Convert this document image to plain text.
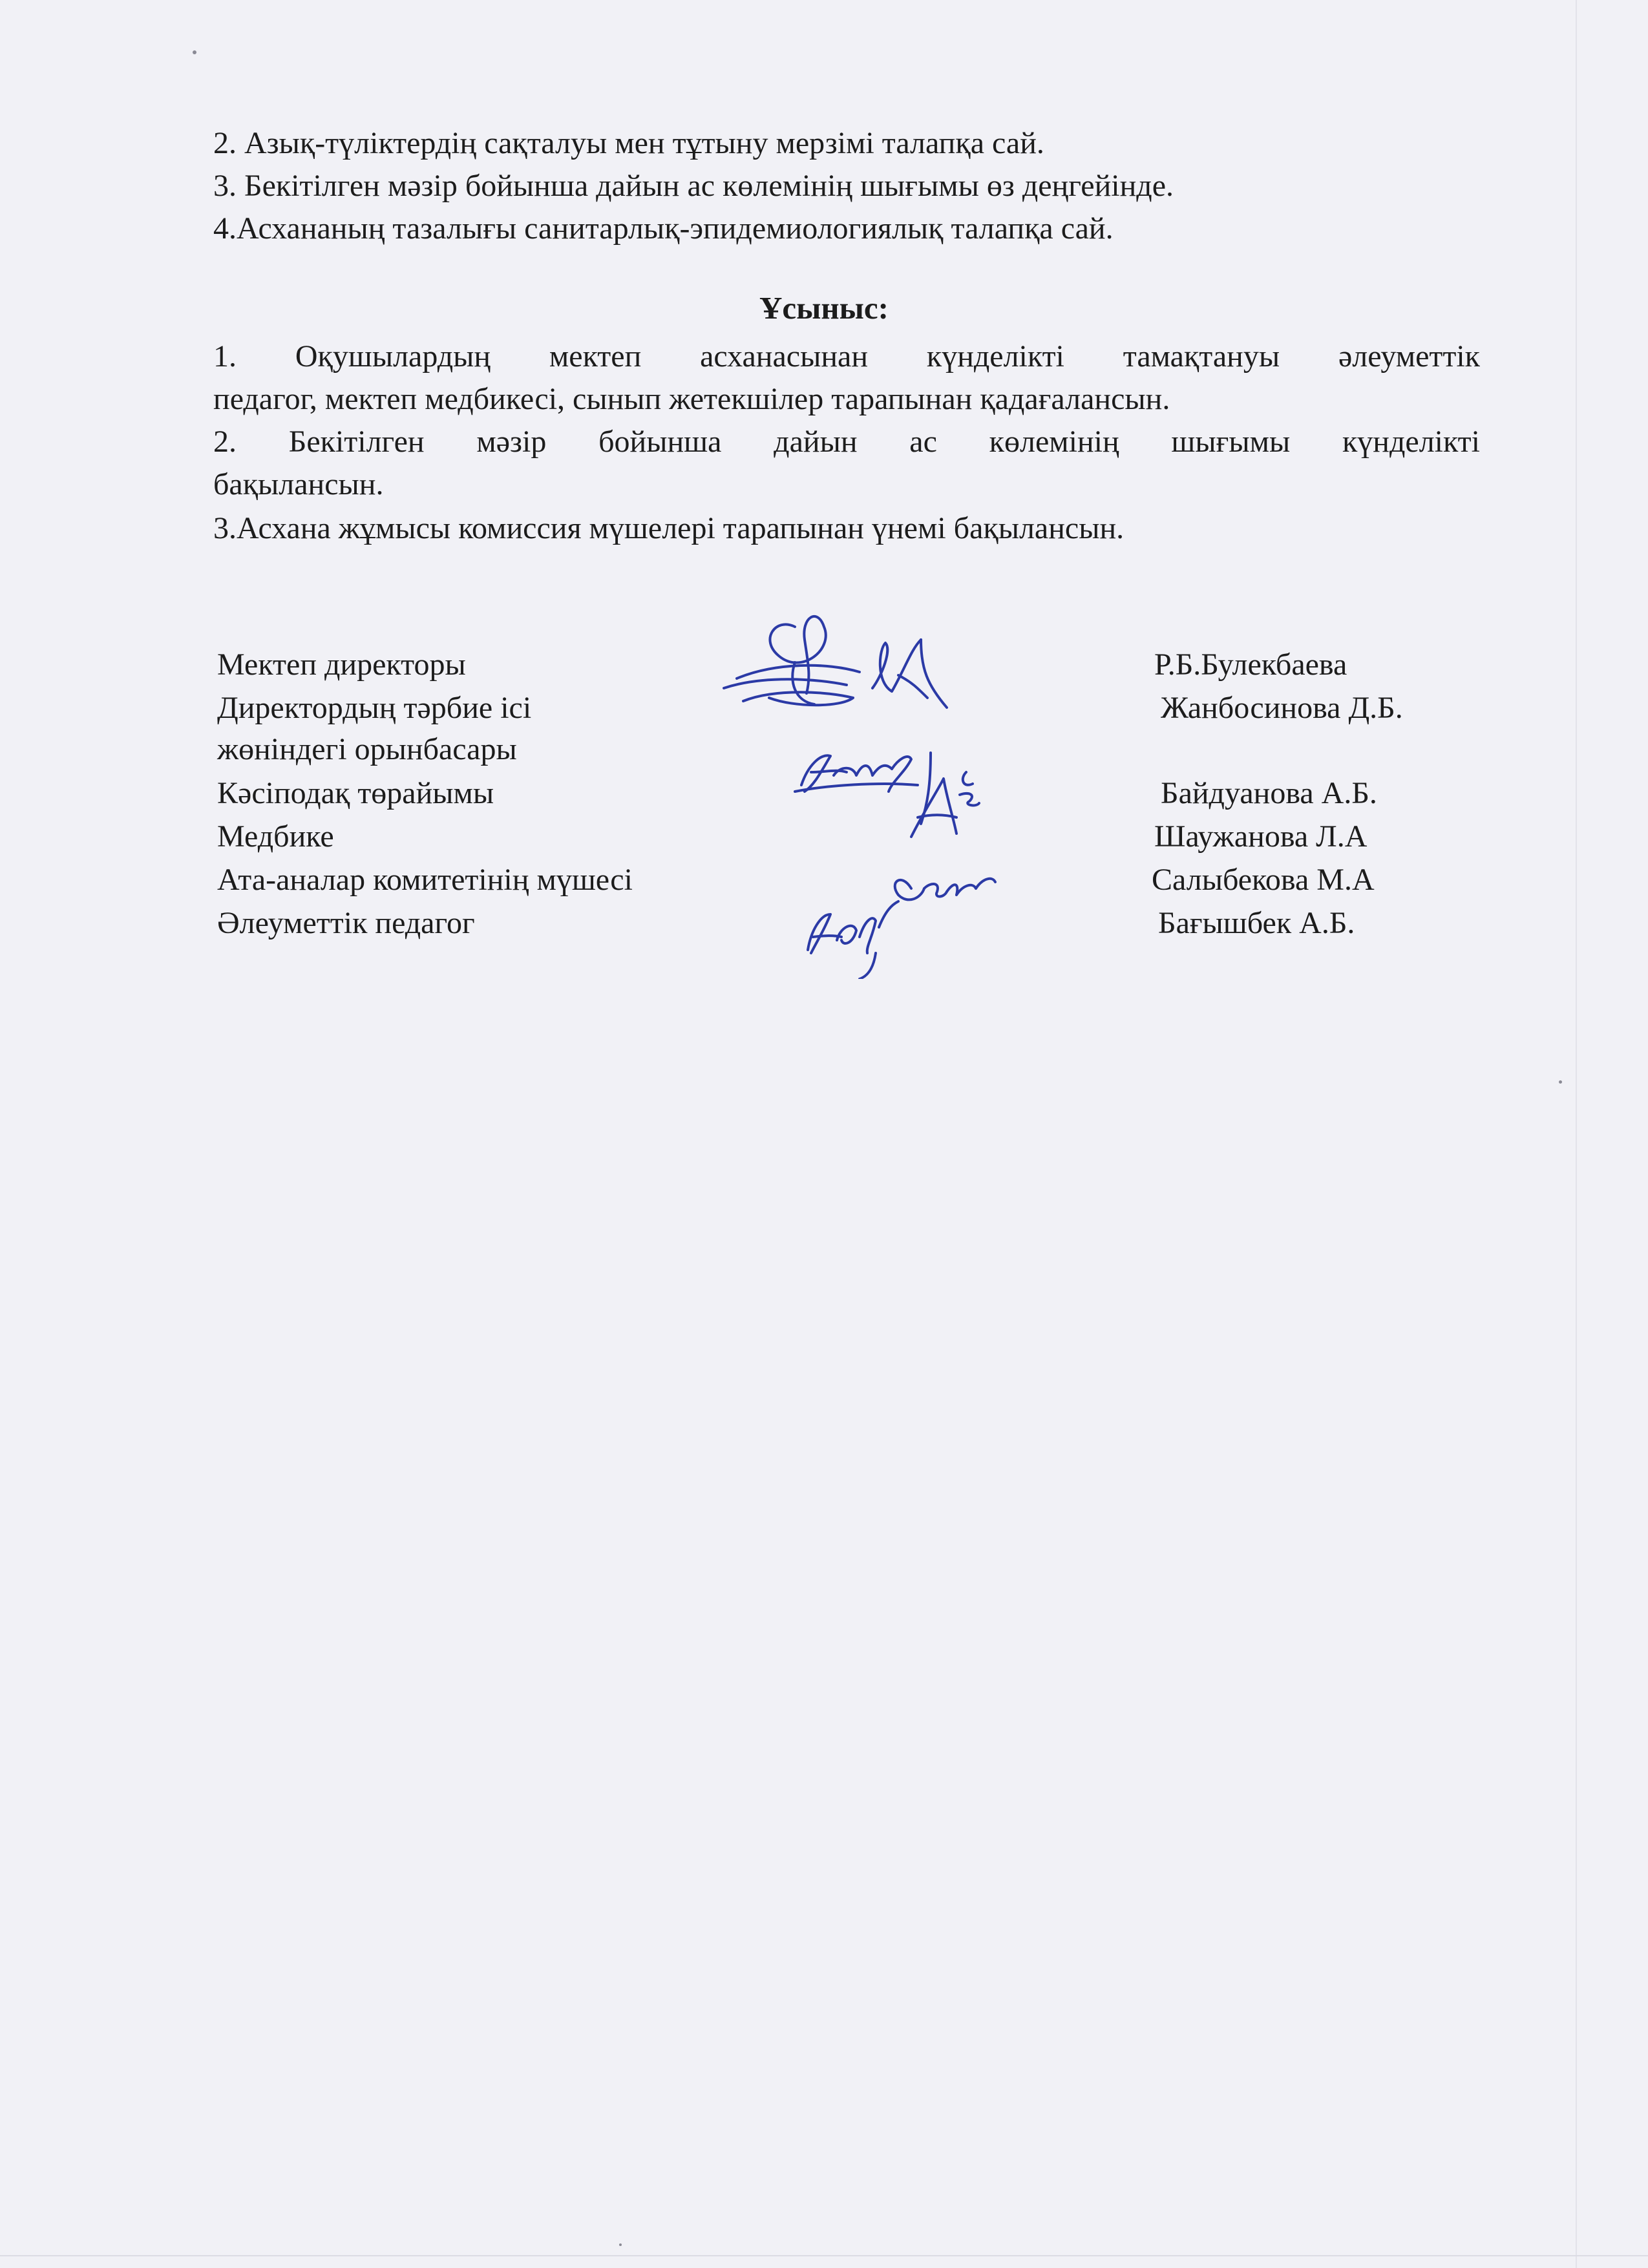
2. Азық-түліктердің сақталуы мен тұтыну мерзімі талапқа сай.
3. Бекітілген мәзір бойынша дайын ас көлемінің шығымы өз деңгейінде.
4.Асхананың тазалығы санитарлық-эпидемиологиялық талапқа сай.
Ұсыныс:
1. Оқушылардың мектеп асханасынан күнделікті тамақтануы әлеуметтік
педагог, мектеп медбикесі, сынып жетекшілер тарапынан қадағалансын.
2. Бекітілген мәзір бойынша дайын ас көлемінің шығымы күнделікті
бақылансын.
3.Асхана жұмысы комиссия мүшелері тарапынан үнемі бақылансын.
Мектеп директоры
Директордың тәрбие ісі
жөніндегі орынбасары
Кәсіподақ төрайымы
Медбике
Ата-аналар комитетінің мүшесі
Әлеуметтік педагог
Р.Б.Булекбаева
Жанбосинова Д.Б.
Байдуанова А.Б.
Шаужанова Л.А
Салыбекова М.А
Бағышбек А.Б.
